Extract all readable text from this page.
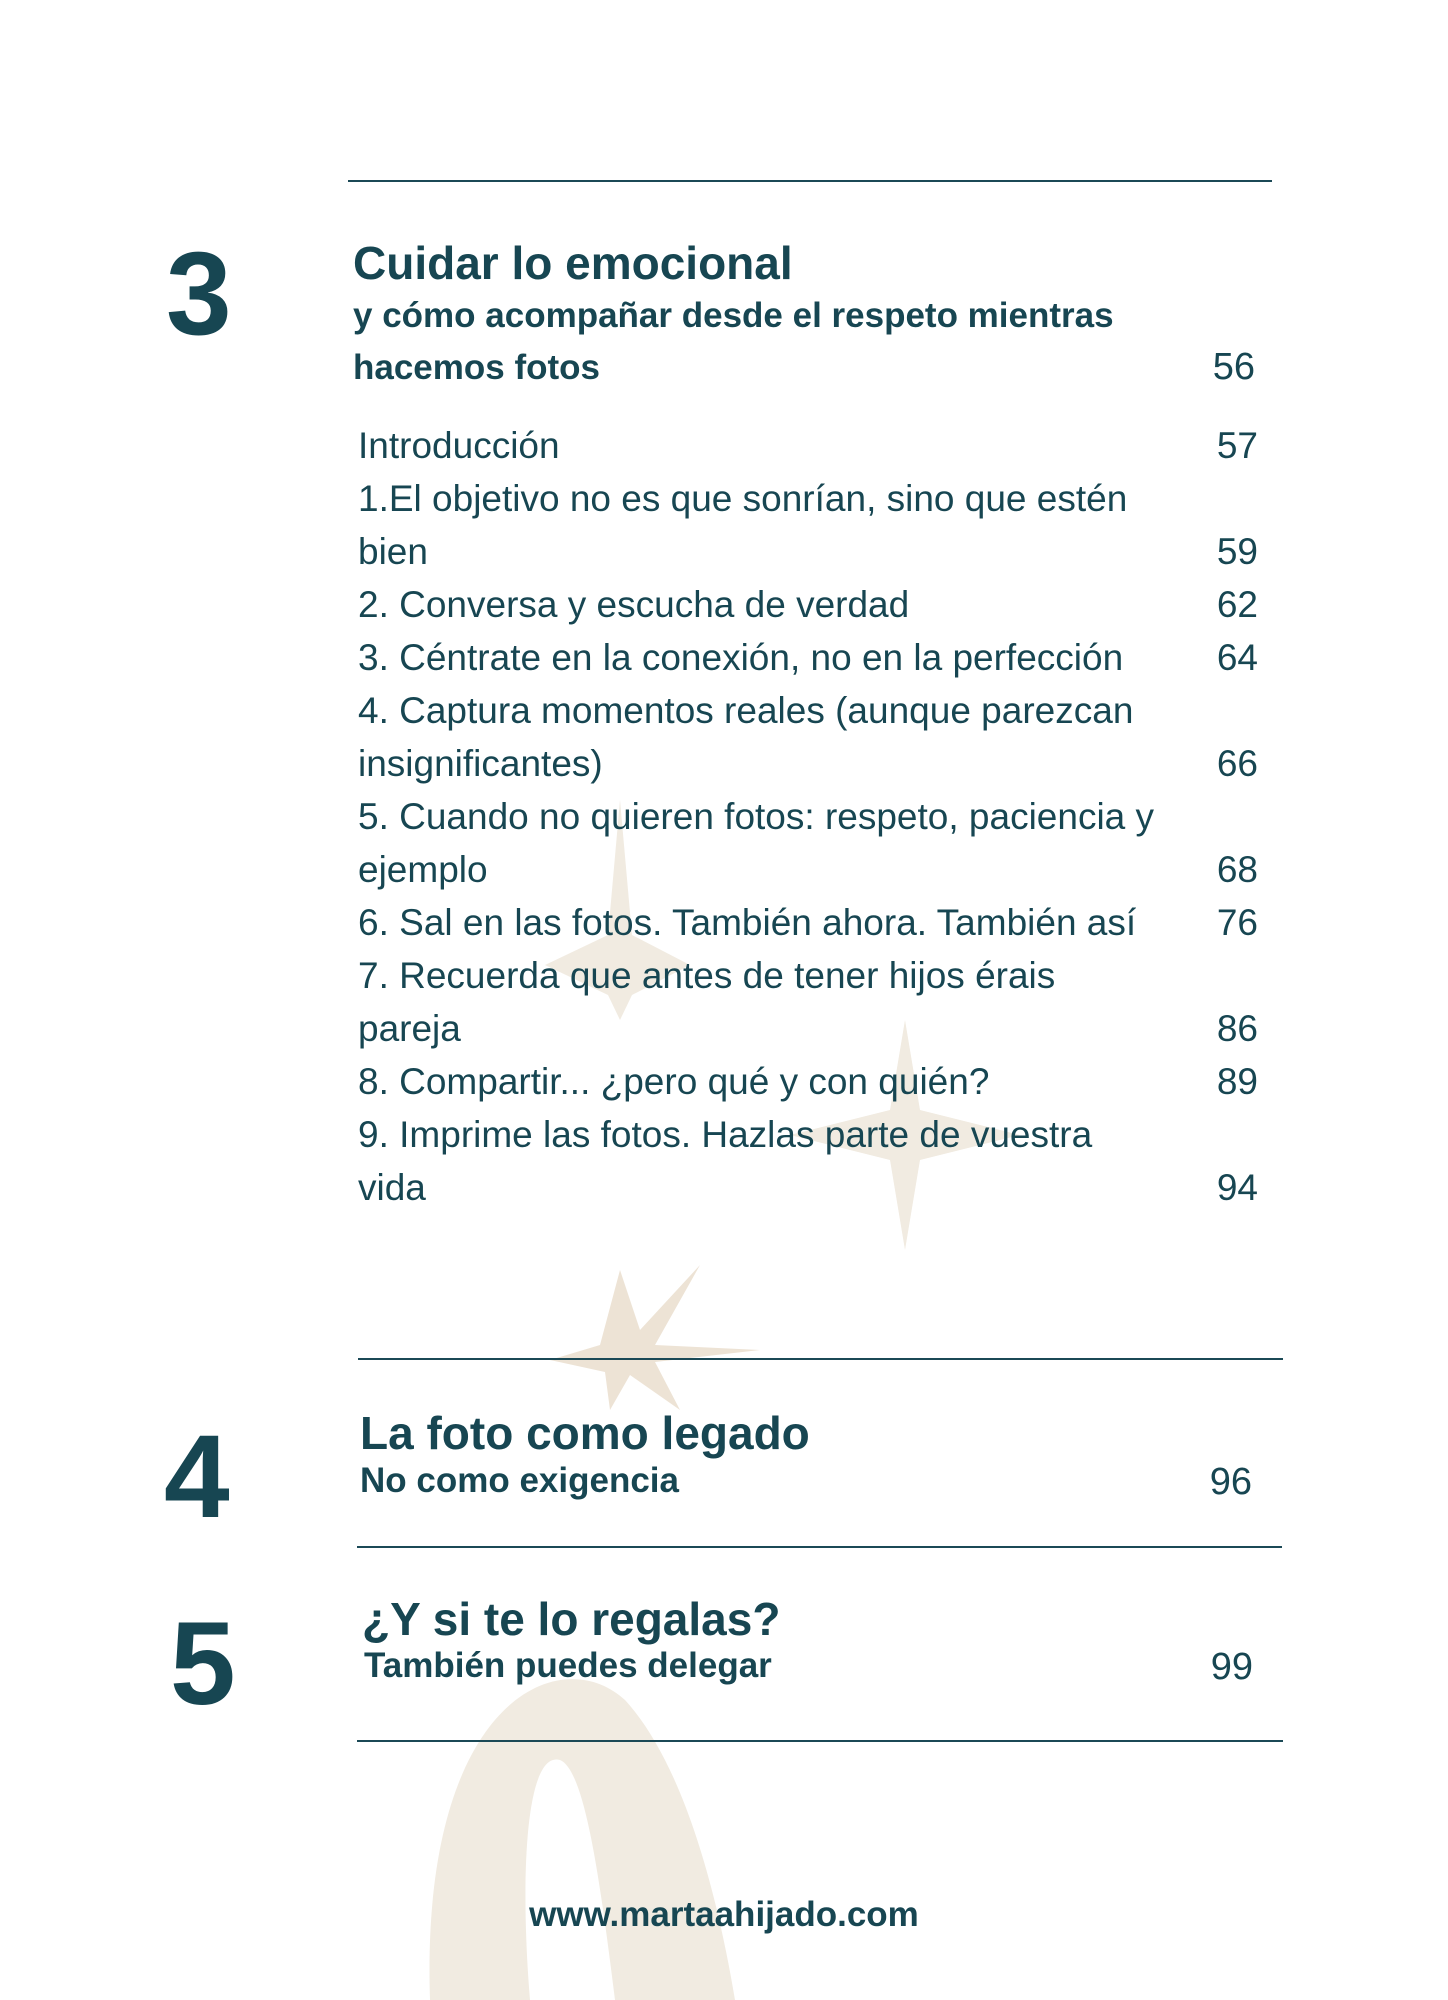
3	Cuidar lo emocional
y cómo acompañar desde el respeto mientras
hacemos fotos	56
Introducción	57
1.El objetivo no es que sonrían, sino que estén bien	59
2. Conversa y escucha de verdad	62
3. Céntrate en la conexión, no en la perfección	64
4. Captura momentos reales (aunque parezcan insignificantes)	66
5. Cuando no quieren fotos: respeto, paciencia y ejemplo	68
6. Sal en las fotos. También ahora. También así	76
7. Recuerda que antes de tener hijos érais pareja	86
8. Compartir... ¿pero qué y con quién?	89
9. Imprime las fotos. Hazlas parte de vuestra vida	94
4	La foto como legado
No como exigencia	96
5	¿Y si te lo regalas?
También puedes delegar	99
www.martaahijado.com
